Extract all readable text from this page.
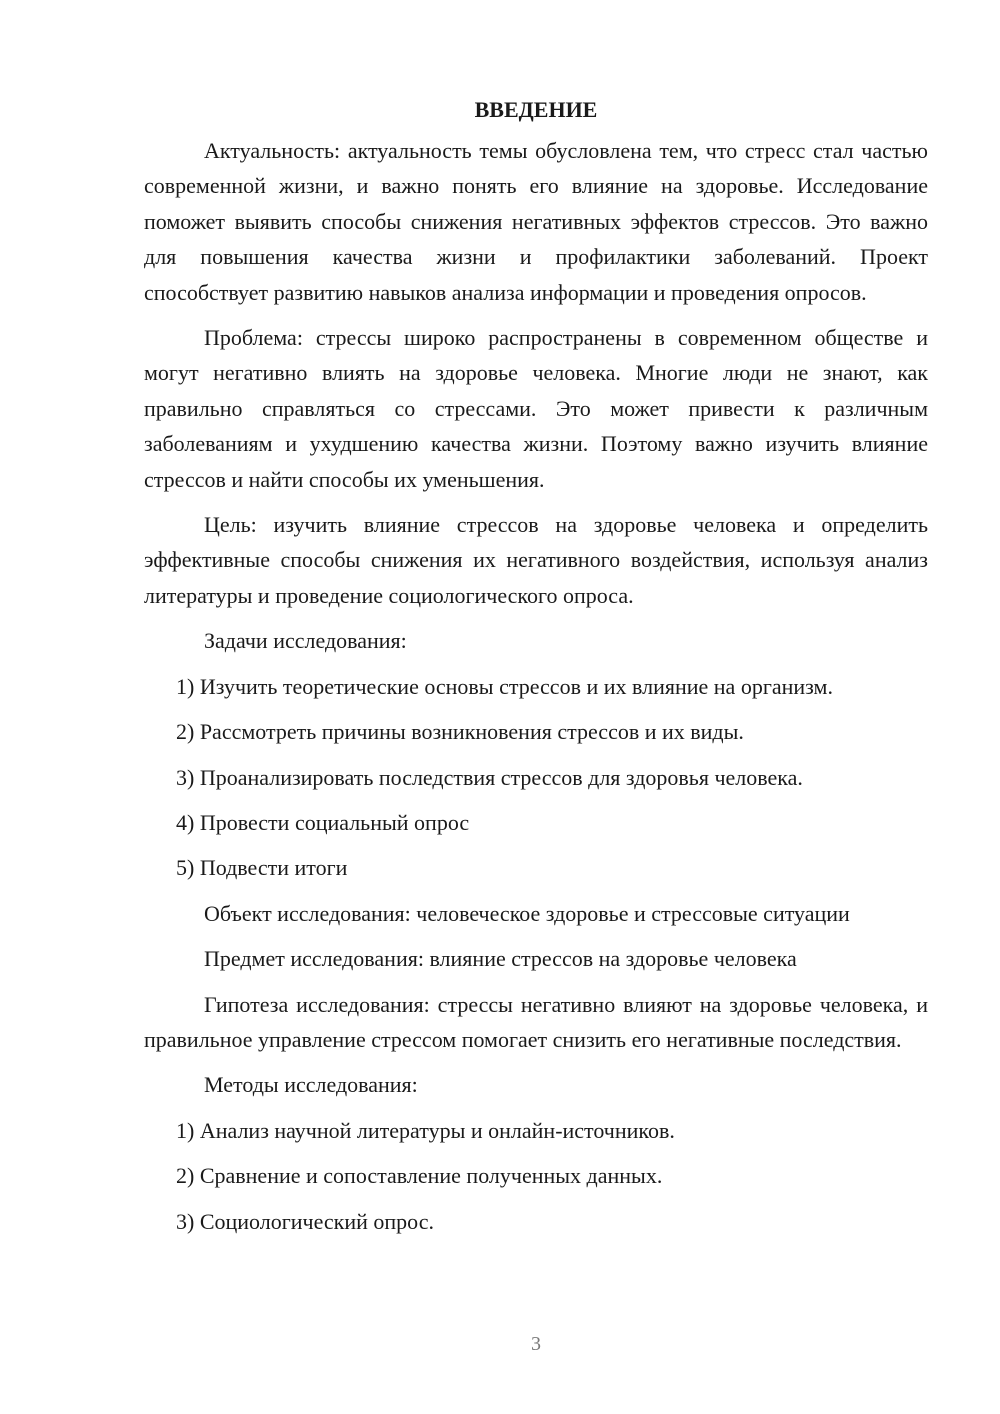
ВВЕДЕНИЕ

Актуальность: актуальность темы обусловлена тем, что стресс стал частью современной жизни, и важно понять его влияние на здоровье. Исследование поможет выявить способы снижения негативных эффектов стрессов. Это важно для повышения качества жизни и профилактики заболеваний. Проект способствует развитию навыков анализа информации и проведения опросов.

Проблема: стрессы широко распространены в современном обществе и могут негативно влиять на здоровье человека. Многие люди не знают, как правильно справляться со стрессами. Это может привести к различным заболеваниям и ухудшению качества жизни. Поэтому важно изучить влияние стрессов и найти способы их уменьшения.

Цель: изучить влияние стрессов на здоровье человека и определить эффективные способы снижения их негативного воздействия, используя анализ литературы и проведение социологического опроса.

Задачи исследования:

1) Изучить теоретические основы стрессов и их влияние на организм.

2) Рассмотреть причины возникновения стрессов и их виды.

3) Проанализировать последствия стрессов для здоровья человека.

4) Провести социальный опрос

5) Подвести итоги

Объект исследования: человеческое здоровье и стрессовые ситуации

Предмет исследования: влияние стрессов на здоровье человека

Гипотеза исследования: стрессы негативно влияют на здоровье человека, и правильное управление стрессом помогает снизить его негативные последствия.

Методы исследования:

1) Анализ научной литературы и онлайн-источников.

2) Сравнение и сопоставление полученных данных.

3) Социологический опрос.

3
